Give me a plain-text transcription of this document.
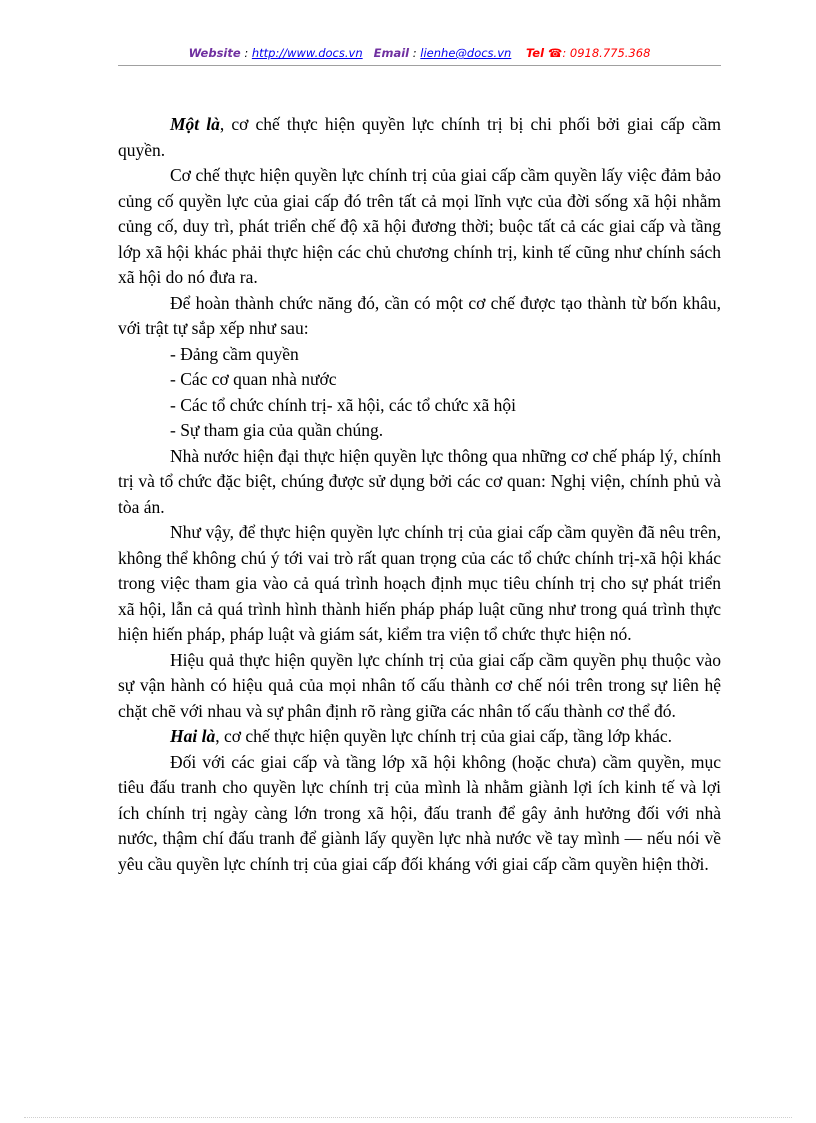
Website : http://www.docs.vn Email : lienhe@docs.vn Tel ☎: 0918.775.368

Một là, cơ chế thực hiện quyền lực chính trị bị chi phối bởi giai cấp cầm quyền.

Cơ chế thực hiện quyền lực chính trị của giai cấp cầm quyền lấy việc đảm bảo củng cố quyền lực của giai cấp đó trên tất cả mọi lĩnh vực của đời sống xã hội nhằm củng cố, duy trì, phát triển chế độ xã hội đương thời; buộc tất cả các giai cấp và tầng lớp xã hội khác phải thực hiện các chủ chương chính trị, kinh tế cũng như chính sách xã hội do nó đưa ra.

Để hoàn thành chức năng đó, cần có một cơ chế được tạo thành từ bốn khâu, với trật tự sắp xếp như sau:

- Đảng cầm quyền

- Các cơ quan nhà nước

- Các tổ chức chính trị- xã hội, các tổ chức xã hội

- Sự tham gia của quần chúng.

Nhà nước hiện đại thực hiện quyền lực thông qua những cơ chế pháp lý, chính trị và tổ chức đặc biệt, chúng được sử dụng bởi các cơ quan: Nghị viện, chính phủ và tòa án.

Như vậy, để thực hiện quyền lực chính trị của giai cấp cầm quyền đã nêu trên, không thể không chú ý tới vai trò rất quan trọng của các tổ chức chính trị-xã hội khác trong việc tham gia vào cả quá trình hoạch định mục tiêu chính trị cho sự phát triển xã hội, lẫn cả quá trình hình thành hiến pháp pháp luật cũng như trong quá trình thực hiện hiến pháp, pháp luật và giám sát, kiểm tra viện tổ chức thực hiện nó.

Hiệu quả thực hiện quyền lực chính trị của giai cấp cầm quyền phụ thuộc vào sự vận hành có hiệu quả của mọi nhân tố cấu thành cơ chế nói trên trong sự liên hệ chặt chẽ với nhau và sự phân định rõ ràng giữa các nhân tố cấu thành cơ thể đó.

Hai là, cơ chế thực hiện quyền lực chính trị của giai cấp, tầng lớp khác.

Đối với các giai cấp và tầng lớp xã hội không (hoặc chưa) cầm quyền, mục tiêu đấu tranh cho quyền lực chính trị của mình là nhằm giành lợi ích kinh tế và lợi ích chính trị ngày càng lớn trong xã hội, đấu tranh để gây ảnh hưởng đối với nhà nước, thậm chí đấu tranh để giành lấy quyền lực nhà nước về tay mình — nếu nói về yêu cầu quyền lực chính trị của giai cấp đối kháng với giai cấp cầm quyền hiện thời.
